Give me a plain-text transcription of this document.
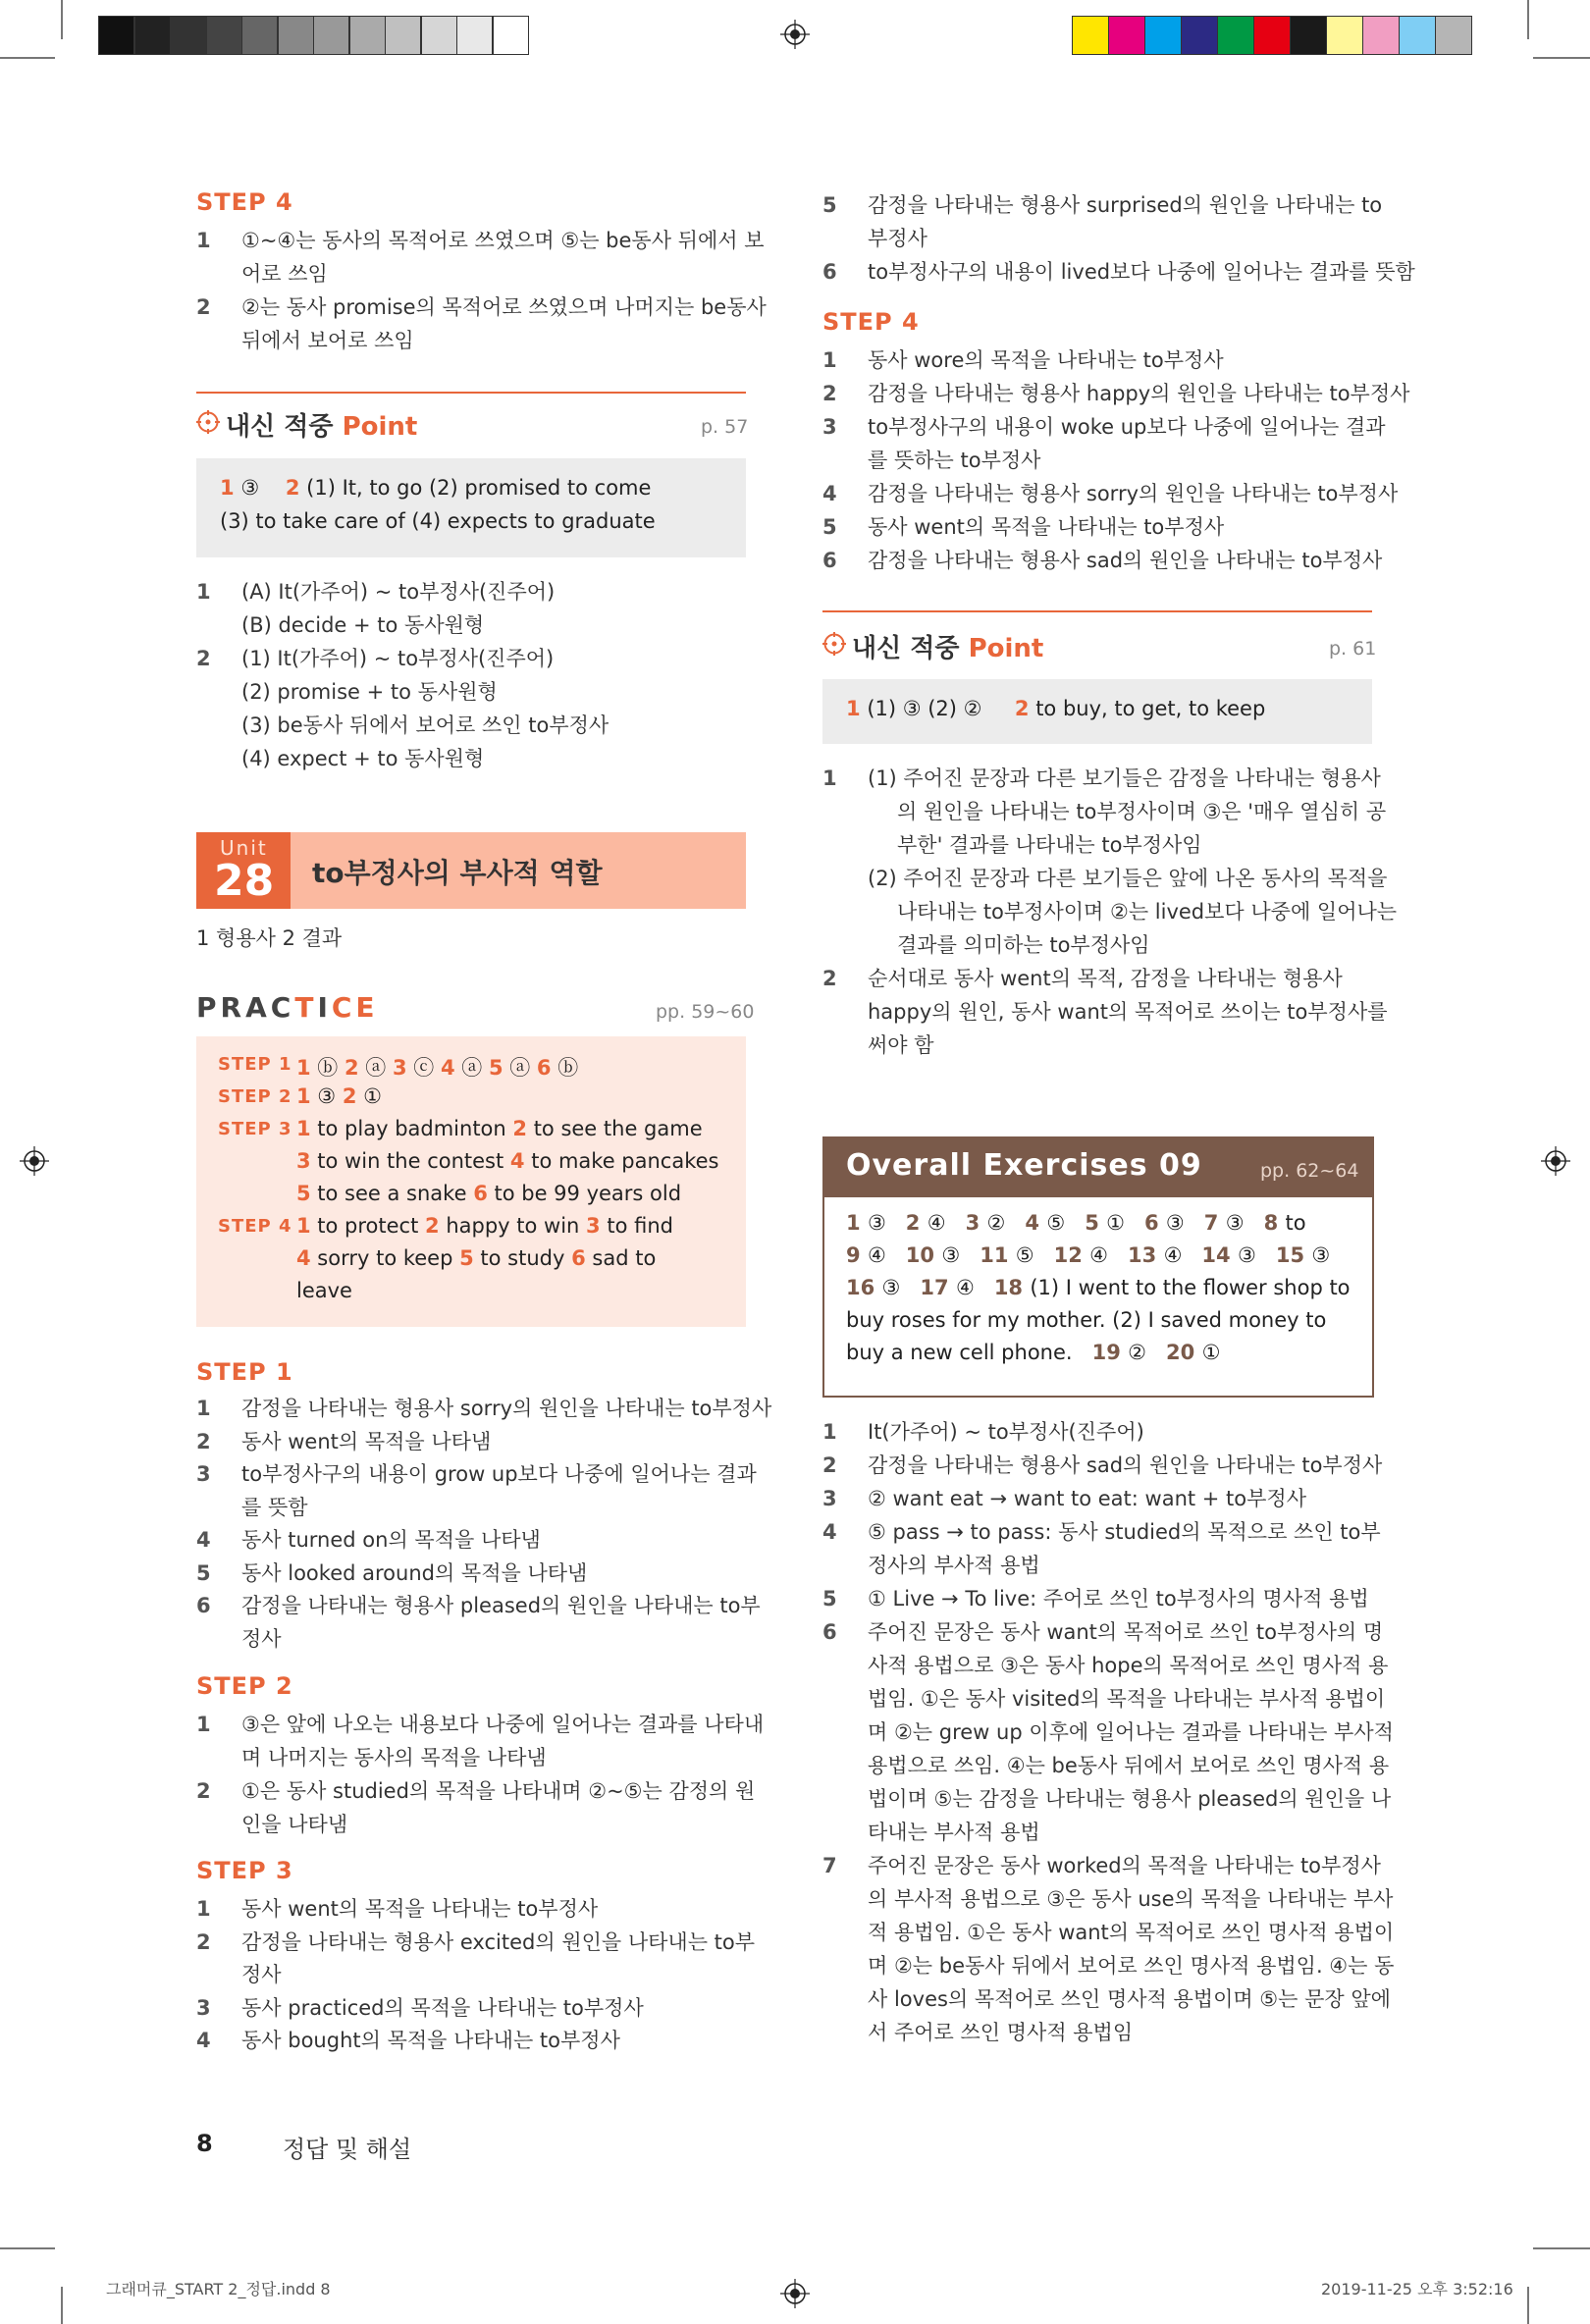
STEP 4
1 ①~④는 동사의 목적어로 쓰였으며 ⑤는 be동사 뒤에서 보
어로 쓰임
2 ②는 동사 promise의 목적어로 쓰였으며 나머지는 be동사
뒤에서 보어로 쓰임
내신 적중 Point	p. 57
1 ③ 2 (1) It, to go (2) promised to come
(3) to take care of (4) expects to graduate
1 (A) It(가주어) ~ to부정사(진주어)
(B) decide + to 동사원형
2 (1) It(가주어) ~ to부정사(진주어)
(2) promise + to 동사원형
(3) be동사 뒤에서 보어로 쓰인 to부정사
(4) expect + to 동사원형
Unit
28 to부정사의 부사적 역할
1 형용사 2 결과
PRACTICE	pp. 59~60
STEP 1 1 ⓑ 2 ⓐ 3 ⓒ 4 ⓐ 5 ⓐ 6 ⓑ
STEP 2 1 ③ 2 ①
STEP 3 1 to play badminton 2 to see the game
3 to win the contest 4 to make pancakes
5 to see a snake 6 to be 99 years old
STEP 4 1 to protect 2 happy to win 3 to find
4 sorry to keep 5 to study 6 sad to
leave
STEP 1
1 감정을 나타내는 형용사 sorry의 원인을 나타내는 to부정사
2 동사 went의 목적을 나타냄
3 to부정사구의 내용이 grow up보다 나중에 일어나는 결과
를 뜻함
4 동사 turned on의 목적을 나타냄
5 동사 looked around의 목적을 나타냄
6 감정을 나타내는 형용사 pleased의 원인을 나타내는 to부
정사
STEP 2
1 ③은 앞에 나오는 내용보다 나중에 일어나는 결과를 나타내
며 나머지는 동사의 목적을 나타냄
2 ①은 동사 studied의 목적을 나타내며 ②~⑤는 감정의 원
인을 나타냄
STEP 3
1 동사 went의 목적을 나타내는 to부정사
2 감정을 나타내는 형용사 excited의 원인을 나타내는 to부
정사
3 동사 practiced의 목적을 나타내는 to부정사
4 동사 bought의 목적을 나타내는 to부정사
5 감정을 나타내는 형용사 surprised의 원인을 나타내는 to
부정사
6 to부정사구의 내용이 lived보다 나중에 일어나는 결과를 뜻함
STEP 4
1 동사 wore의 목적을 나타내는 to부정사
2 감정을 나타내는 형용사 happy의 원인을 나타내는 to부정사
3 to부정사구의 내용이 woke up보다 나중에 일어나는 결과
를 뜻하는 to부정사
4 감정을 나타내는 형용사 sorry의 원인을 나타내는 to부정사
5 동사 went의 목적을 나타내는 to부정사
6 감정을 나타내는 형용사 sad의 원인을 나타내는 to부정사
내신 적중 Point	p. 61
1 (1) ③ (2) ② 2 to buy, to get, to keep
1 (1) 주어진 문장과 다른 보기들은 감정을 나타내는 형용사
의 원인을 나타내는 to부정사이며 ③은 '매우 열심히 공
부한' 결과를 나타내는 to부정사임
(2) 주어진 문장과 다른 보기들은 앞에 나온 동사의 목적을
나타내는 to부정사이며 ②는 lived보다 나중에 일어나는
결과를 의미하는 to부정사임
2 순서대로 동사 went의 목적, 감정을 나타내는 형용사
happy의 원인, 동사 want의 목적어로 쓰이는 to부정사를
써야 함
Overall Exercises 09	pp. 62~64
1 ③ 2 ④ 3 ② 4 ⑤ 5 ① 6 ③ 7 ③ 8 to
9 ④ 10 ③ 11 ⑤ 12 ④ 13 ④ 14 ③ 15 ③
16 ③ 17 ④ 18 (1) I went to the flower shop to
buy roses for my mother. (2) I saved money to
buy a new cell phone.   19 ② 20 ①
1 It(가주어) ~ to부정사(진주어)
2 감정을 나타내는 형용사 sad의 원인을 나타내는 to부정사
3 ② want eat → want to eat: want + to부정사
4 ⑤ pass → to pass: 동사 studied의 목적으로 쓰인 to부
정사의 부사적 용법
5 ① Live → To live: 주어로 쓰인 to부정사의 명사적 용법
6 주어진 문장은 동사 want의 목적어로 쓰인 to부정사의 명
사적 용법으로 ③은 동사 hope의 목적어로 쓰인 명사적 용
법임. ①은 동사 visited의 목적을 나타내는 부사적 용법이
며 ②는 grew up 이후에 일어나는 결과를 나타내는 부사적
용법으로 쓰임. ④는 be동사 뒤에서 보어로 쓰인 명사적 용
법이며 ⑤는 감정을 나타내는 형용사 pleased의 원인을 나
타내는 부사적 용법
7 주어진 문장은 동사 worked의 목적을 나타내는 to부정사
의 부사적 용법으로 ③은 동사 use의 목적을 나타내는 부사
적 용법임. ①은 동사 want의 목적어로 쓰인 명사적 용법이
며 ②는 be동사 뒤에서 보어로 쓰인 명사적 용법임. ④는 동
사 loves의 목적어로 쓰인 명사적 용법이며 ⑤는 문장 앞에
서 주어로 쓰인 명사적 용법임
8	정답 및 해설
그래머큐_START 2_정답.indd 8	2019-11-25 오후 3:52:16
